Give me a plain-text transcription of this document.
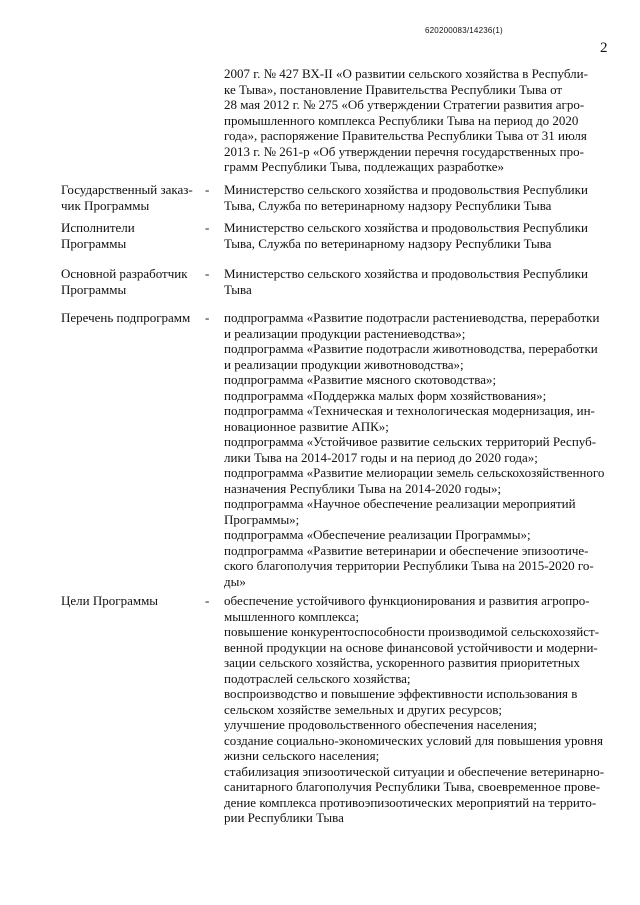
620200083/14236(1)
2

2007 г. № 427 ВХ-II «О развитии сельского хозяйства в Республи-

ке Тыва», постановление Правительства Республики Тыва от

28 мая 2012 г. № 275 «Об утверждении Стратегии развития агро-

промышленного комплекса Республики Тыва на период до 2020

года», распоряжение Правительства Республики Тыва от 31 июля

2013 г. № 261-р «Об утверждении перечня государственных про-

грамм Республики Тыва, подлежащих разработке»

Государственный заказ-

чик Программы

- Министерство сельского хозяйства и продовольствия Республики

Тыва, Служба по ветеринарному надзору Республики Тыва

Исполнители

Программы

- Министерство сельского хозяйства и продовольствия Республики

Тыва, Служба по ветеринарному надзору Республики Тыва

Основной разработчик

Программы

- Министерство сельского хозяйства и продовольствия Республики

Тыва

Перечень подпрограмм	- подпрограмма «Развитие подотрасли растениеводства, переработки

и реализации продукции растениеводства»;

подпрограмма «Развитие подотрасли животноводства, переработки

и реализации продукции животноводства»;

подпрограмма «Развитие мясного скотоводства»;

подпрограмма «Поддержка малых форм хозяйствования»;

подпрограмма «Техническая и технологическая модернизация, ин-

новационное развитие АПК»;

подпрограмма «Устойчивое развитие сельских территорий Респуб-

лики Тыва на 2014-2017 годы и на период до 2020 года»;

подпрограмма «Развитие мелиорации земель сельскохозяйственного

назначения Республики Тыва на 2014-2020 годы»;

подпрограмма «Научное обеспечение реализации мероприятий

Программы»;

подпрограмма «Обеспечение реализации Программы»;

подпрограмма «Развитие ветеринарии и обеспечение эпизоотиче-

ского благополучия территории Республики Тыва на 2015-2020 го-

ды»

Цели Программы	- обеспечение устойчивого функционирования и развития агропро-

мышленного комплекса;

повышение конкурентоспособности производимой сельскохозяйст-

венной продукции на основе финансовой устойчивости и модерни-

зации сельского хозяйства, ускоренного развития приоритетных

подотраслей сельского хозяйства;

воспроизводство и повышение эффективности использования в

сельском хозяйстве земельных и других ресурсов;

улучшение продовольственного обеспечения населения;

создание социально-экономических условий для повышения уровня

жизни сельского населения;

стабилизация эпизоотической ситуации и обеспечение ветеринарно-

санитарного благополучия Республики Тыва, своевременное прове-

дение комплекса противоэпизоотических мероприятий на террито-

рии Республики Тыва
